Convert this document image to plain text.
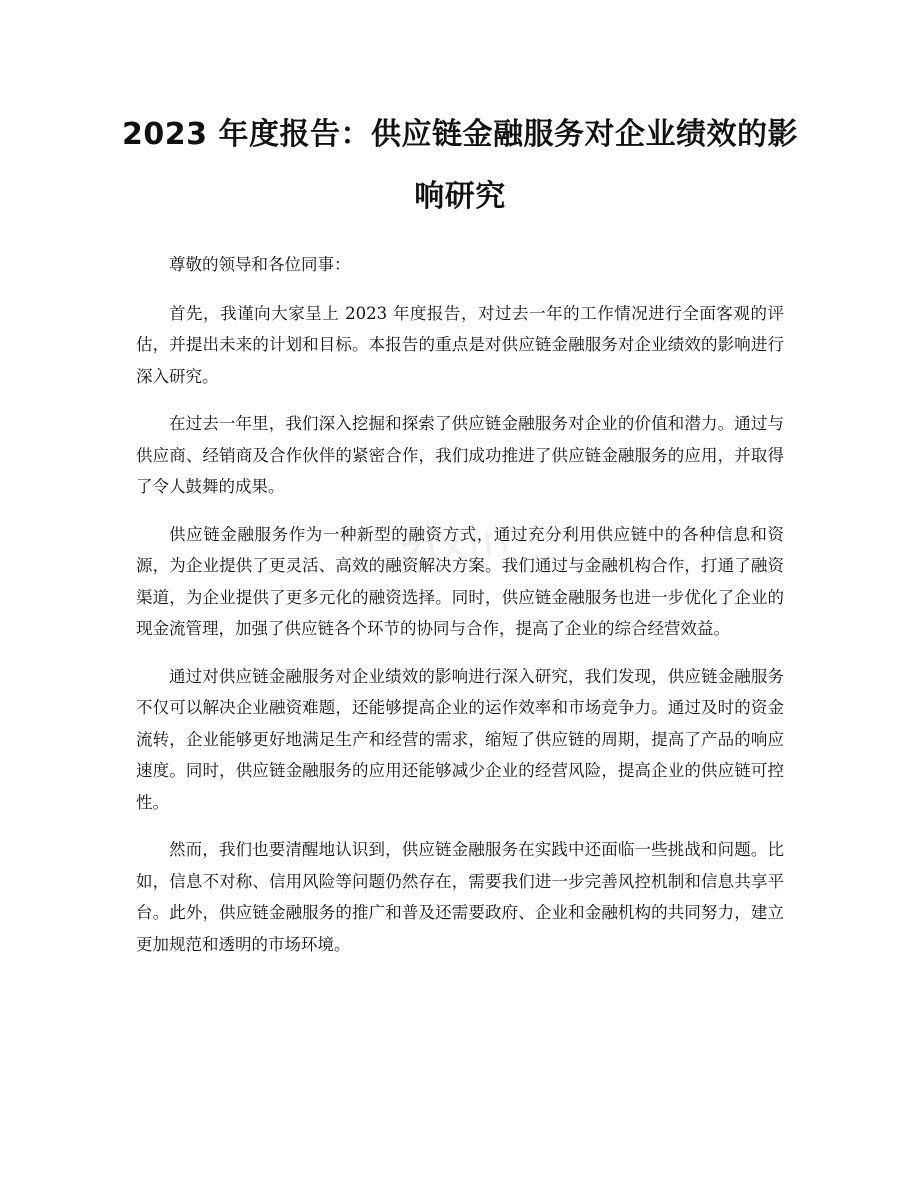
2023 年度报告：供应链金融服务对企业绩效的影响研究
zixin

尊敬的领导和各位同事：

首先，我谨向大家呈上 2023 年度报告，对过去一年的工作情况进行全面客观的评估，并提出未来的计划和目标。本报告的重点是对供应链金融服务对企业绩效的影响进行深入研究。

在过去一年里，我们深入挖掘和探索了供应链金融服务对企业的价值和潜力。通过与供应商、经销商及合作伙伴的紧密合作，我们成功推进了供应链金融服务的应用，并取得了令人鼓舞的成果。

供应链金融服务作为一种新型的融资方式，通过充分利用供应链中的各种信息和资源，为企业提供了更灵活、高效的融资解决方案。我们通过与金融机构合作，打通了融资渠道，为企业提供了更多元化的融资选择。同时，供应链金融服务也进一步优化了企业的现金流管理，加强了供应链各个环节的协同与合作，提高了企业的综合经营效益。

通过对供应链金融服务对企业绩效的影响进行深入研究，我们发现，供应链金融服务不仅可以解决企业融资难题，还能够提高企业的运作效率和市场竞争力。通过及时的资金流转，企业能够更好地满足生产和经营的需求，缩短了供应链的周期，提高了产品的响应速度。同时，供应链金融服务的应用还能够减少企业的经营风险，提高企业的供应链可控性。

然而，我们也要清醒地认识到，供应链金融服务在实践中还面临一些挑战和问题。比如，信息不对称、信用风险等问题仍然存在，需要我们进一步完善风控机制和信息共享平台。此外，供应链金融服务的推广和普及还需要政府、企业和金融机构的共同努力，建立更加规范和透明的市场环境。
